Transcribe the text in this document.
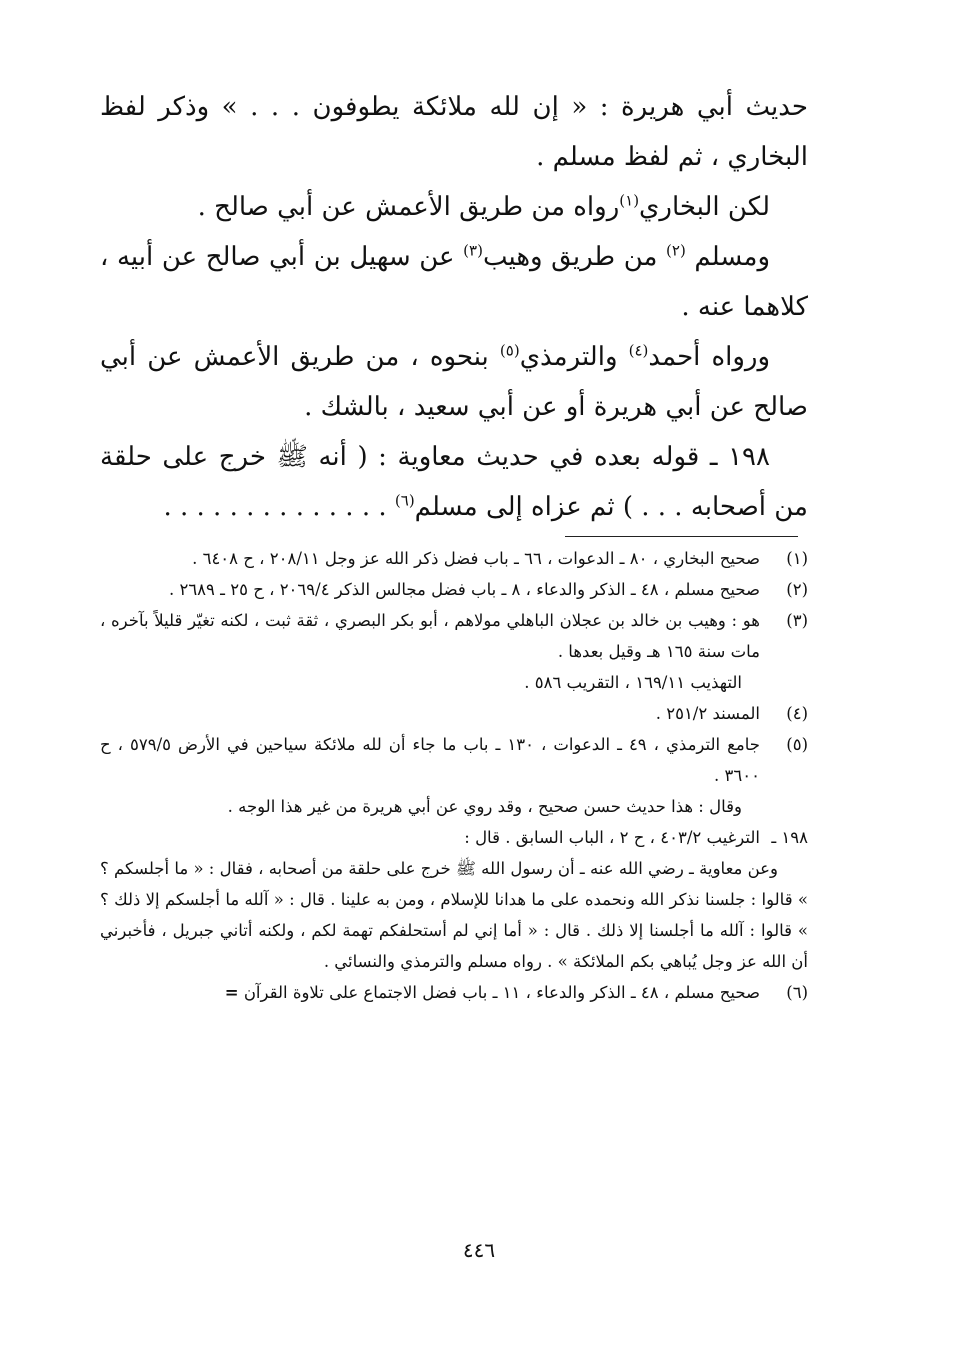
حديث أبي هريرة : « إن لله ملائكة يطوفون . . . » وذكر لفظ البخاري ، ثم لفظ مسلم .

لكن البخاري$^{(١)}$رواه من طريق الأعمش عن أبي صالح .

ومسلم $^{(٢)}$ من طريق وهيب$^{(٣)}$ عن سهيل بن أبي صالح عن أبيه ، كلاهما عنه .

ورواه أحمد$^{(٤)}$ والترمذي$^{(٥)}$ بنحوه ، من طريق الأعمش عن أبي صالح عن أبي هريرة أو عن أبي سعيد ، بالشك .

١٩٨ ـ قوله بعده في حديث معاوية : ( أنه ﷺ خرج على حلقة من أصحابه . . . ) ثم عزاه إلى مسلم$^{(٦)}$ . . . . . . . . . . . . . .

(١)
صحيح البخاري ، ٨٠ ـ الدعوات ، ٦٦ ـ باب فضل ذكر الله عز وجل ٢٠٨/١١ ، ح ٦٤٠٨ .
(٢)
صحيح مسلم ، ٤٨ ـ الذكر والدعاء ، ٨ ـ باب فضل مجالس الذكر ٢٠٦٩/٤ ، ح ٢٥ ـ ٢٦٨٩ .
(٣)
هو : وهيب بن خالد بن عجلان الباهلي مولاهم ، أبو بكر البصري ، ثقة ثبت ، لكنه تغيّر قليلاً بآخره ، مات سنة ١٦٥ هـ وقيل بعدها .
التهذيب ١٦٩/١١ ، التقريب ٥٨٦ .
(٤)
المسند ٢٥١/٢ .
(٥)
جامع الترمذي ، ٤٩ ـ الدعوات ، ١٣٠ ـ باب ما جاء أن لله ملائكة سياحين في الأرض ٥٧٩/٥ ، ح ٣٦٠٠ .
وقال : هذا حديث حسن صحيح ، وقد روي عن أبي هريرة من غير هذا الوجه .
١٩٨ ـ
الترغيب ٤٠٣/٢ ، ح ٢ ، الباب السابق . قال :
وعن معاوية ـ رضي الله عنه ـ أن رسول الله ﷺ خرج على حلقة من أصحابه ، فقال : « ما أجلسكم ؟ » قالوا : جلسنا نذكر الله ونحمده على ما هدانا للإسلام ، ومن به علينا . قال : « آلله ما أجلسكم إلا ذلك ؟ » قالوا : آلله ما أجلسنا إلا ذلك . قال : « أما إني لم أستحلفكم تهمة لكم ، ولكنه أتاني جبريل ، فأخبرني أن الله عز وجل يُباهي بكم الملائكة » . رواه مسلم والترمذي والنسائي .
(٦)
صحيح مسلم ، ٤٨ ـ الذكر والدعاء ، ١١ ـ باب فضل الاجتماع على تلاوة القرآن =
٤٤٦
